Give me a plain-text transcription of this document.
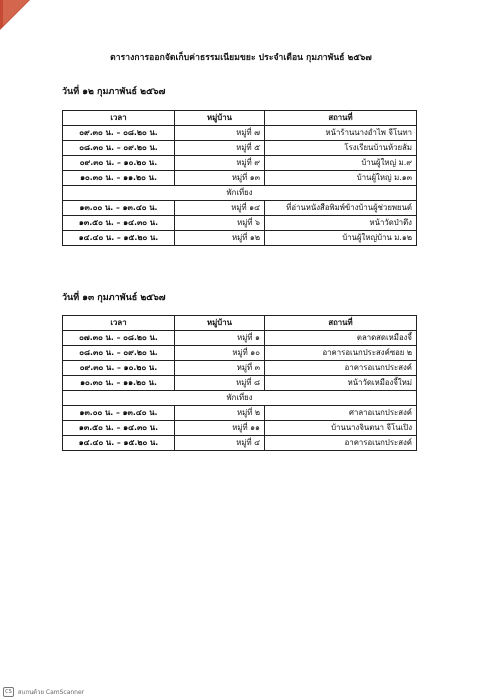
ตารางการออกจัดเก็บค่าธรรมเนียมขยะ ประจำเดือน กุมภาพันธ์ ๒๕๖๗
วันที่ ๑๒ กุมภาพันธ์ ๒๕๖๗
เวลา	หมู่บ้าน	สถานที่
๐๙.๓๐ น. – ๐๘.๒๐ น.	หมู่ที่ ๗	หน้าร้านนางอำไพ จีโนทา
๐๘.๓๐ น. – ๐๙.๒๐ น.	หมู่ที่ ๕	โรงเรียนบ้านห้วยส้ม
๐๙.๓๐ น. – ๑๐.๒๐ น.	หมู่ที่ ๙	บ้านผู้ใหญ่ ม.๙
๑๐.๓๐ น. – ๑๑.๒๐ น.	หมู่ที่ ๑๓	บ้านผู้ใหญ่ ม.๑๓
พักเที่ยง		
๑๓.๐๐ น. – ๑๓.๔๐ น.	หมู่ที่ ๑๔	ที่อ่านหนังสือพิมพ์ข้างบ้านผู้ช่วยพยนต์
๑๓.๕๐ น. – ๑๔.๓๐ น.	หมู่ที่ ๖	หน้าวัดป่าตึง
๑๔.๔๐ น. – ๑๕.๒๐ น.	หมู่ที่ ๑๒	บ้านผู้ใหญ่บ้าน ม.๑๒
วันที่ ๑๓ กุมภาพันธ์ ๒๕๖๗
เวลา	หมู่บ้าน	สถานที่
๐๗.๓๐ น. – ๐๘.๒๐ น.	หมู่ที่ ๑	ตลาดสดเหมืองจี้
๐๘.๓๐ น. – ๐๙.๒๐ น.	หมู่ที่ ๑๐	อาคารอเนกประสงค์ซอย ๒
๐๙.๓๐ น. – ๑๐.๒๐ น.	หมู่ที่ ๓	อาคารอเนกประสงค์
๑๐.๓๐ น. – ๑๑.๒๐ น.	หมู่ที่ ๘	หน้าวัดเหมืองจี้ใหม่
พักเที่ยง		
๑๓.๐๐ น. – ๑๓.๔๐ น.	หมู่ที่ ๒	ศาลาอเนกประสงค์
๑๓.๕๐ น. – ๑๔.๓๐ น.	หมู่ที่ ๑๑	บ้านนางจินตนา จีโนเปิง
๑๔.๔๐ น. – ๑๕.๒๐ น.	หมู่ที่ ๔	อาคารอเนกประสงค์
CS สแกนด้วย CamScanner
